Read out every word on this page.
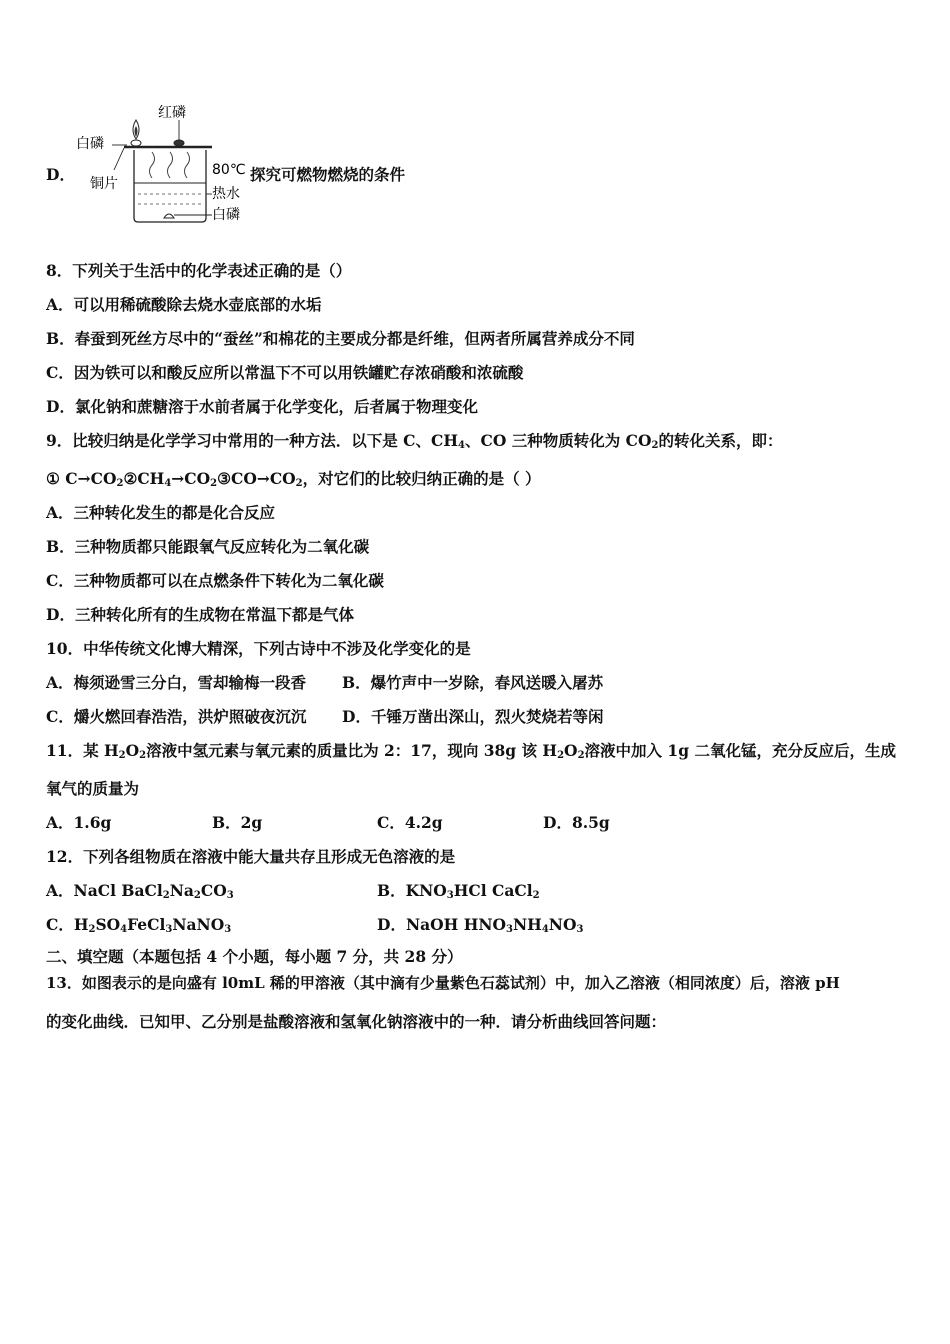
D．
红磷
白磷
铜片
80℃
热水
白磷
探究可燃物燃烧的条件
8．下列关于生活中的化学表述正确的是（）
A．可以用稀硫酸除去烧水壶底部的水垢
B．春蚕到死丝方尽中的“蚕丝”和棉花的主要成分都是纤维，但两者所属营养成分不同
C．因为铁可以和酸反应所以常温下不可以用铁罐贮存浓硝酸和浓硫酸
D．氯化钠和蔗糖溶于水前者属于化学变化，后者属于物理变化
9．比较归纳是化学学习中常用的一种方法．以下是 C、$CH_4$、CO 三种物质转化为 $CO_2$的转化关系，即：
① $C\to CO_2②CH_4\to CO_2③CO\to CO_2$，对它们的比较归纳正确的是（ ）
A．三种转化发生的都是化合反应
B．三种物质都只能跟氧气反应转化为二氧化碳
C．三种物质都可以在点燃条件下转化为二氧化碳
D．三种转化所有的生成物在常温下都是气体
10．中华传统文化博大精深，下列古诗中不涉及化学变化的是
A．梅须逊雪三分白，雪却输梅一段香 B．爆竹声中一岁除，春风送暖入屠苏
C．爝火燃回春浩浩，洪炉照破夜沉沉 D．千锤万凿出深山，烈火焚烧若等闲
11．某 $H_2O_2$溶液中氢元素与氧元素的质量比为 2：17，现向 38g 该 $H_2O_2$溶液中加入 1g 二氧化锰，充分反应后，生成
氧气的质量为
A．1.6g	B．2g	C．4.2g	D．8.5g
12．下列各组物质在溶液中能大量共存且形成无色溶液的是
A．NaCl $BaCl_2Na_2CO_3$	B．$KNO_3HCl$ CaCl$_2$
C．$H_2SO_4FeCl_3NaNO_3$	D．NaOH $HNO_3NH_4NO_3$
二、填空题（本题包括 4 个小题，每小题 7 分，共 28 分）
13．如图表示的是向盛有 l0mL 稀的甲溶液（其中滴有少量紫色石蕊试剂）中，加入乙溶液（相同浓度）后，溶液 pH
的变化曲线．已知甲、乙分别是盐酸溶液和氢氧化钠溶液中的一种．请分析曲线回答问题：
